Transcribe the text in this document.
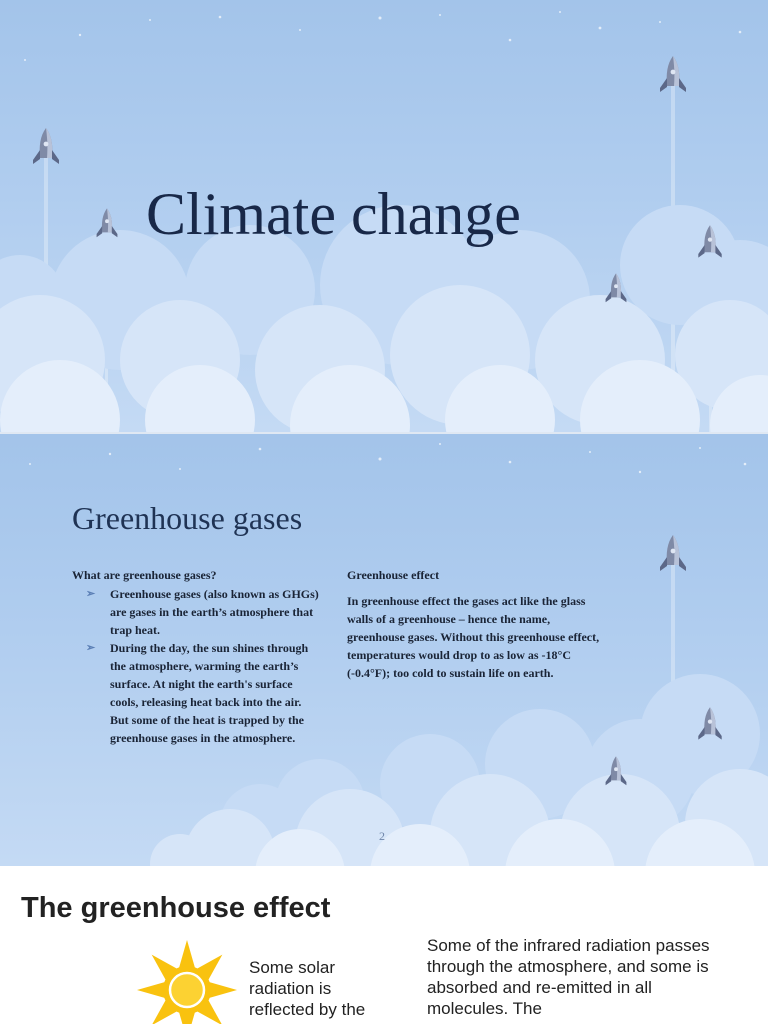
Climate change
Greenhouse gases

What are greenhouse gases?

➢ Greenhouse gases (also known as GHGs) are gases in the earth’s atmosphere that trap heat.
➢ During the day, the sun shines through the atmosphere, warming the earth’s surface. At night the earth's surface cools, releasing heat back into the air. But some of the heat is trapped by the greenhouse gases in the atmosphere.

Greenhouse effect

In greenhouse effect the gases act like the glass walls of a greenhouse – hence the name, greenhouse gases. Without this greenhouse effect, temperatures would drop to as low as -18°C (-0.4°F); too cold to sustain life on earth.

2
The greenhouse effect
Some solar radiation is reflected by the
Some of the infrared radiation passes through the atmosphere, and some is absorbed and re-emitted in all molecules. The
